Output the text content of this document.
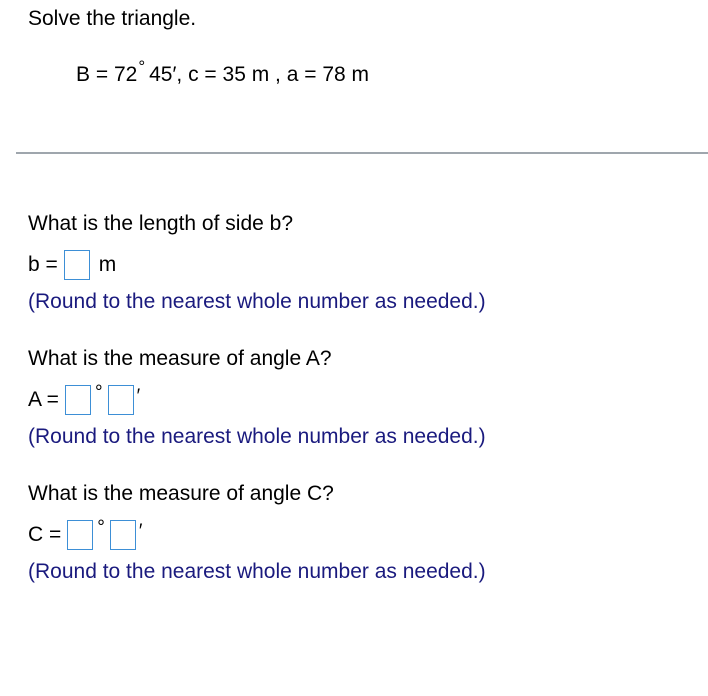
Solve the triangle.
B = 72° 45′, c = 35 m , a = 78 m
What is the length of side b?
b = m
(Round to the nearest whole number as needed.)
What is the measure of angle A?
A = ° ′
(Round to the nearest whole number as needed.)
What is the measure of angle C?
C = ° ′
(Round to the nearest whole number as needed.)
